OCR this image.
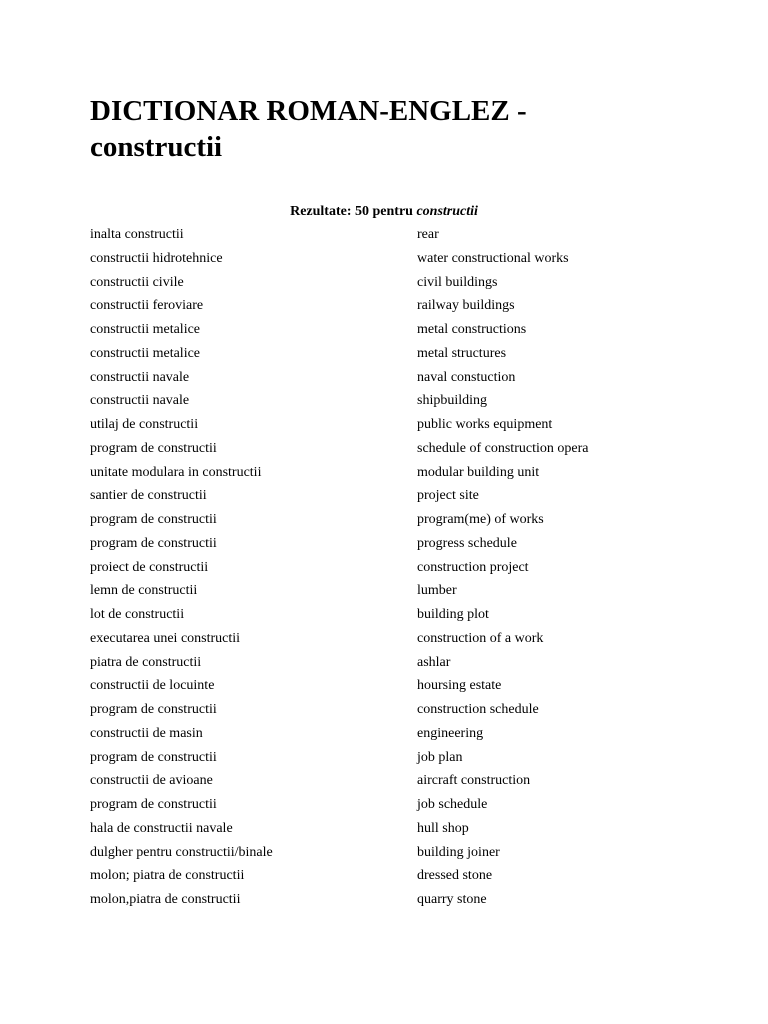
DICTIONAR ROMAN-ENGLEZ -
constructii
Rezultate: 50 pentru constructii
inalta constructii	rear
constructii hidrotehnice	water constructional works
constructii civile	civil buildings
constructii feroviare	railway buildings
constructii metalice	metal constructions
constructii metalice	metal structures
constructii navale	naval constuction
constructii navale	shipbuilding
utilaj de constructii	public works equipment
program de constructii	schedule of construction opera
unitate modulara in constructii	modular building unit
santier de constructii	project site
program de constructii	program(me) of works
program de constructii	progress schedule
proiect de constructii	construction project
lemn de constructii	lumber
lot de constructii	building plot
executarea unei constructii	construction of a work
piatra de constructii	ashlar
constructii de locuinte	hoursing estate
program de constructii	construction schedule
constructii de masin	engineering
program de constructii	job plan
constructii de avioane	aircraft construction
program de constructii	job schedule
hala de constructii navale	hull shop
dulgher pentru constructii/binale	building joiner
molon; piatra de constructii	dressed stone
molon,piatra de constructii	quarry stone
